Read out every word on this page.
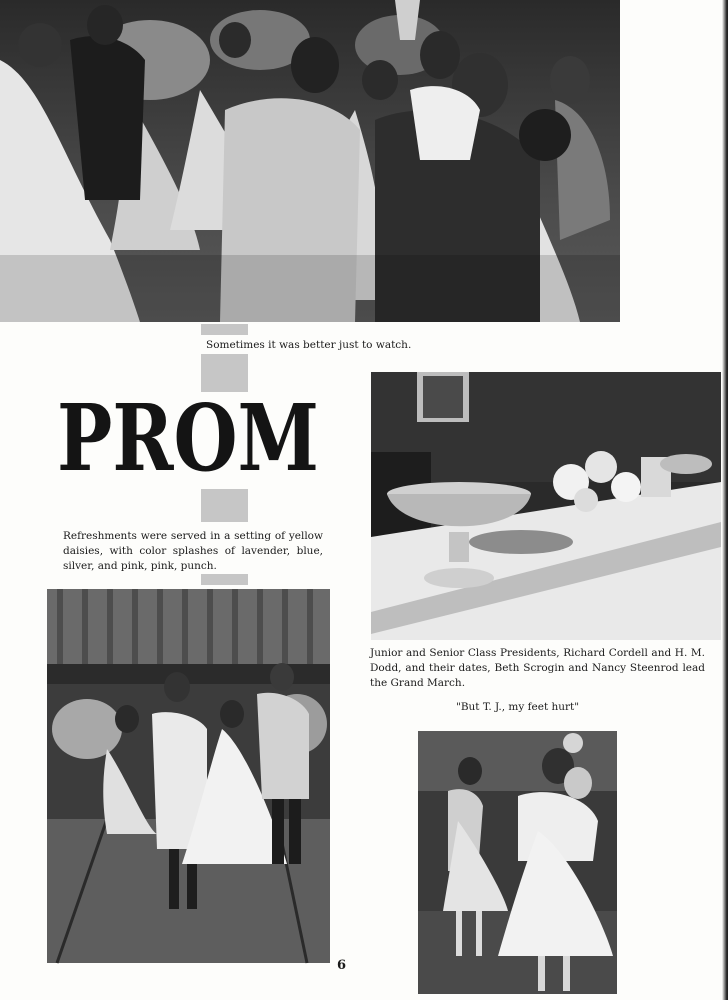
Sometimes it was better just to watch.
PROM
Refreshments were served in a setting of yellow daisies, with color splashes of lavender, blue, silver, and pink, pink, punch.
Junior and Senior Class Presidents, Richard Cordell and H. M. Dodd, and their dates, Beth Scrogin and Nancy Steenrod lead the Grand March.
"But T. J., my feet hurt"
6
